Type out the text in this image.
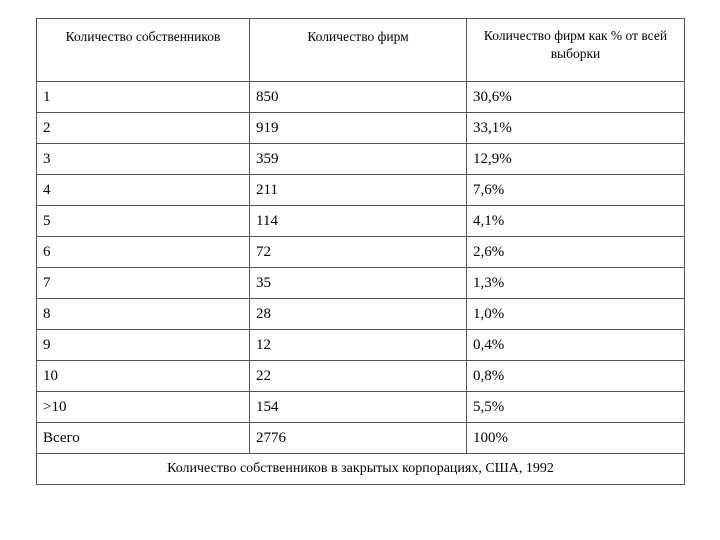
Количество собственников	Количество фирм	Количество фирм как % от всей выборки
1	850	30,6%
2	919	33,1%
3	359	12,9%
4	211	7,6%
5	114	4,1%
6	72	2,6%
7	35	1,3%
8	28	1,0%
9	12	0,4%
10	22	0,8%
>10	154	5,5%
Всего	2776	100%
Количество собственников в закрытых корпорациях, США, 1992		
